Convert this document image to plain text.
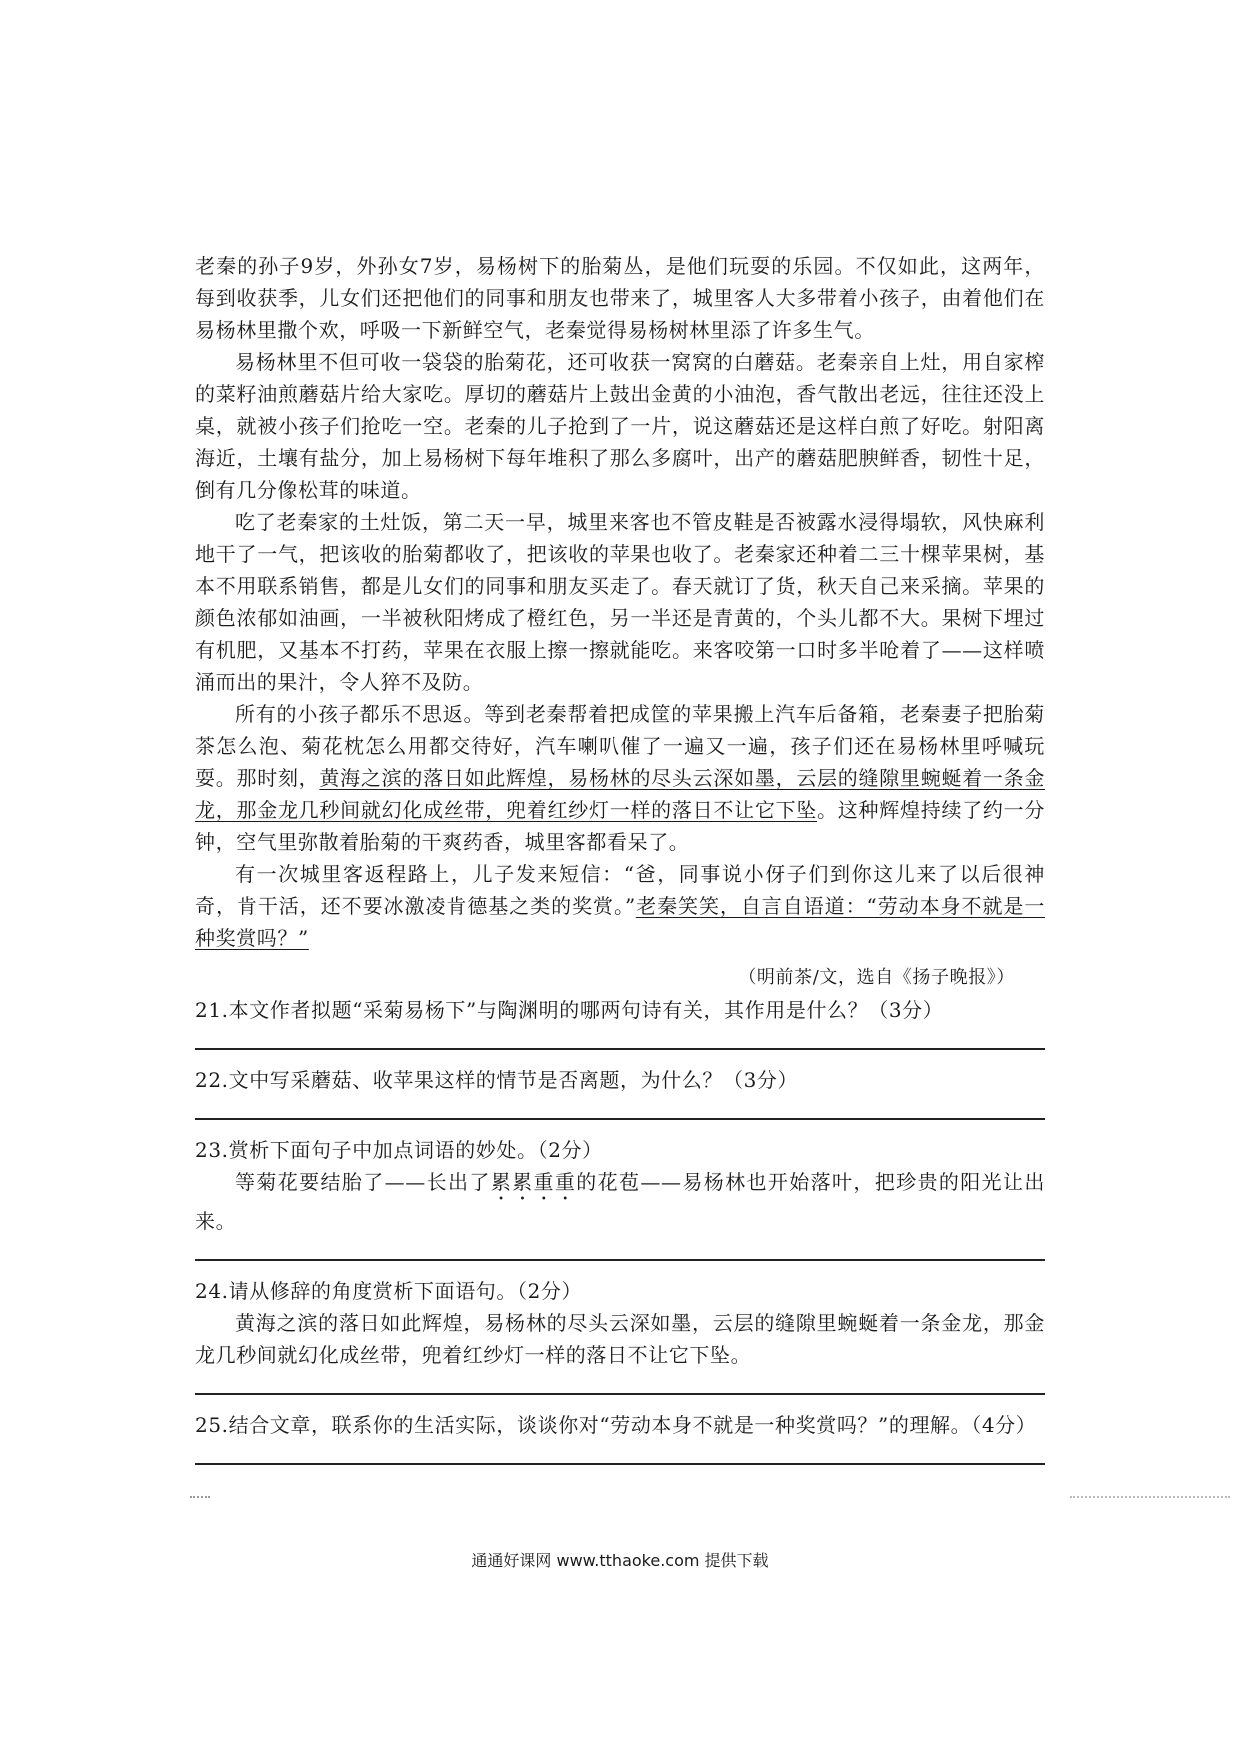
老秦的孙子9岁，外孙女7岁，易杨树下的胎菊丛，是他们玩耍的乐园。不仅如此，这两年，每到收获季，儿女们还把他们的同事和朋友也带来了，城里客人大多带着小孩子，由着他们在易杨林里撒个欢，呼吸一下新鲜空气，老秦觉得易杨树林里添了许多生气。

易杨林里不但可收一袋袋的胎菊花，还可收获一窝窝的白蘑菇。老秦亲自上灶，用自家榨的菜籽油煎蘑菇片给大家吃。厚切的蘑菇片上鼓出金黄的小油泡，香气散出老远，往往还没上桌，就被小孩子们抢吃一空。老秦的儿子抢到了一片，说这蘑菇还是这样白煎了好吃。射阳离海近，土壤有盐分，加上易杨树下每年堆积了那么多腐叶，出产的蘑菇肥腴鲜香，韧性十足，倒有几分像松茸的味道。

吃了老秦家的土灶饭，第二天一早，城里来客也不管皮鞋是否被露水浸得塌软，风快麻利地干了一气，把该收的胎菊都收了，把该收的苹果也收了。老秦家还种着二三十棵苹果树，基本不用联系销售，都是儿女们的同事和朋友买走了。春天就订了货，秋天自己来采摘。苹果的颜色浓郁如油画，一半被秋阳烤成了橙红色，另一半还是青黄的，个头儿都不大。果树下埋过有机肥，又基本不打药，苹果在衣服上擦一擦就能吃。来客咬第一口时多半呛着了——这样喷涌而出的果汁，令人猝不及防。

所有的小孩子都乐不思返。等到老秦帮着把成筐的苹果搬上汽车后备箱，老秦妻子把胎菊茶怎么泡、菊花枕怎么用都交待好，汽车喇叭催了一遍又一遍，孩子们还在易杨林里呼喊玩耍。那时刻，黄海之滨的落日如此辉煌，易杨林的尽头云深如墨，云层的缝隙里蜿蜒着一条金龙，那金龙几秒间就幻化成丝带，兜着红纱灯一样的落日不让它下坠。这种辉煌持续了约一分钟，空气里弥散着胎菊的干爽药香，城里客都看呆了。

有一次城里客返程路上，儿子发来短信：“爸，同事说小伢子们到你这儿来了以后很神奇，肯干活，还不要冰激凌肯德基之类的奖赏。”老秦笑笑，自言自语道：“劳动本身不就是一种奖赏吗？”

（明前茶/文，选自《扬子晚报》）

21.本文作者拟题“采菊易杨下”与陶渊明的哪两句诗有关，其作用是什么？（3分）

22.文中写采蘑菇、收苹果这样的情节是否离题，为什么？（3分）

23.赏析下面句子中加点词语的妙处。（2分）

等菊花要结胎了——长出了累累重重的花苞——易杨林也开始落叶，把珍贵的阳光让出来。

24.请从修辞的角度赏析下面语句。（2分）

黄海之滨的落日如此辉煌，易杨林的尽头云深如墨，云层的缝隙里蜿蜒着一条金龙，那金龙几秒间就幻化成丝带，兜着红纱灯一样的落日不让它下坠。

25.结合文章，联系你的生活实际，谈谈你对“劳动本身不就是一种奖赏吗？”的理解。（4分）

通通好课网 www.tthaoke.com 提供下载
